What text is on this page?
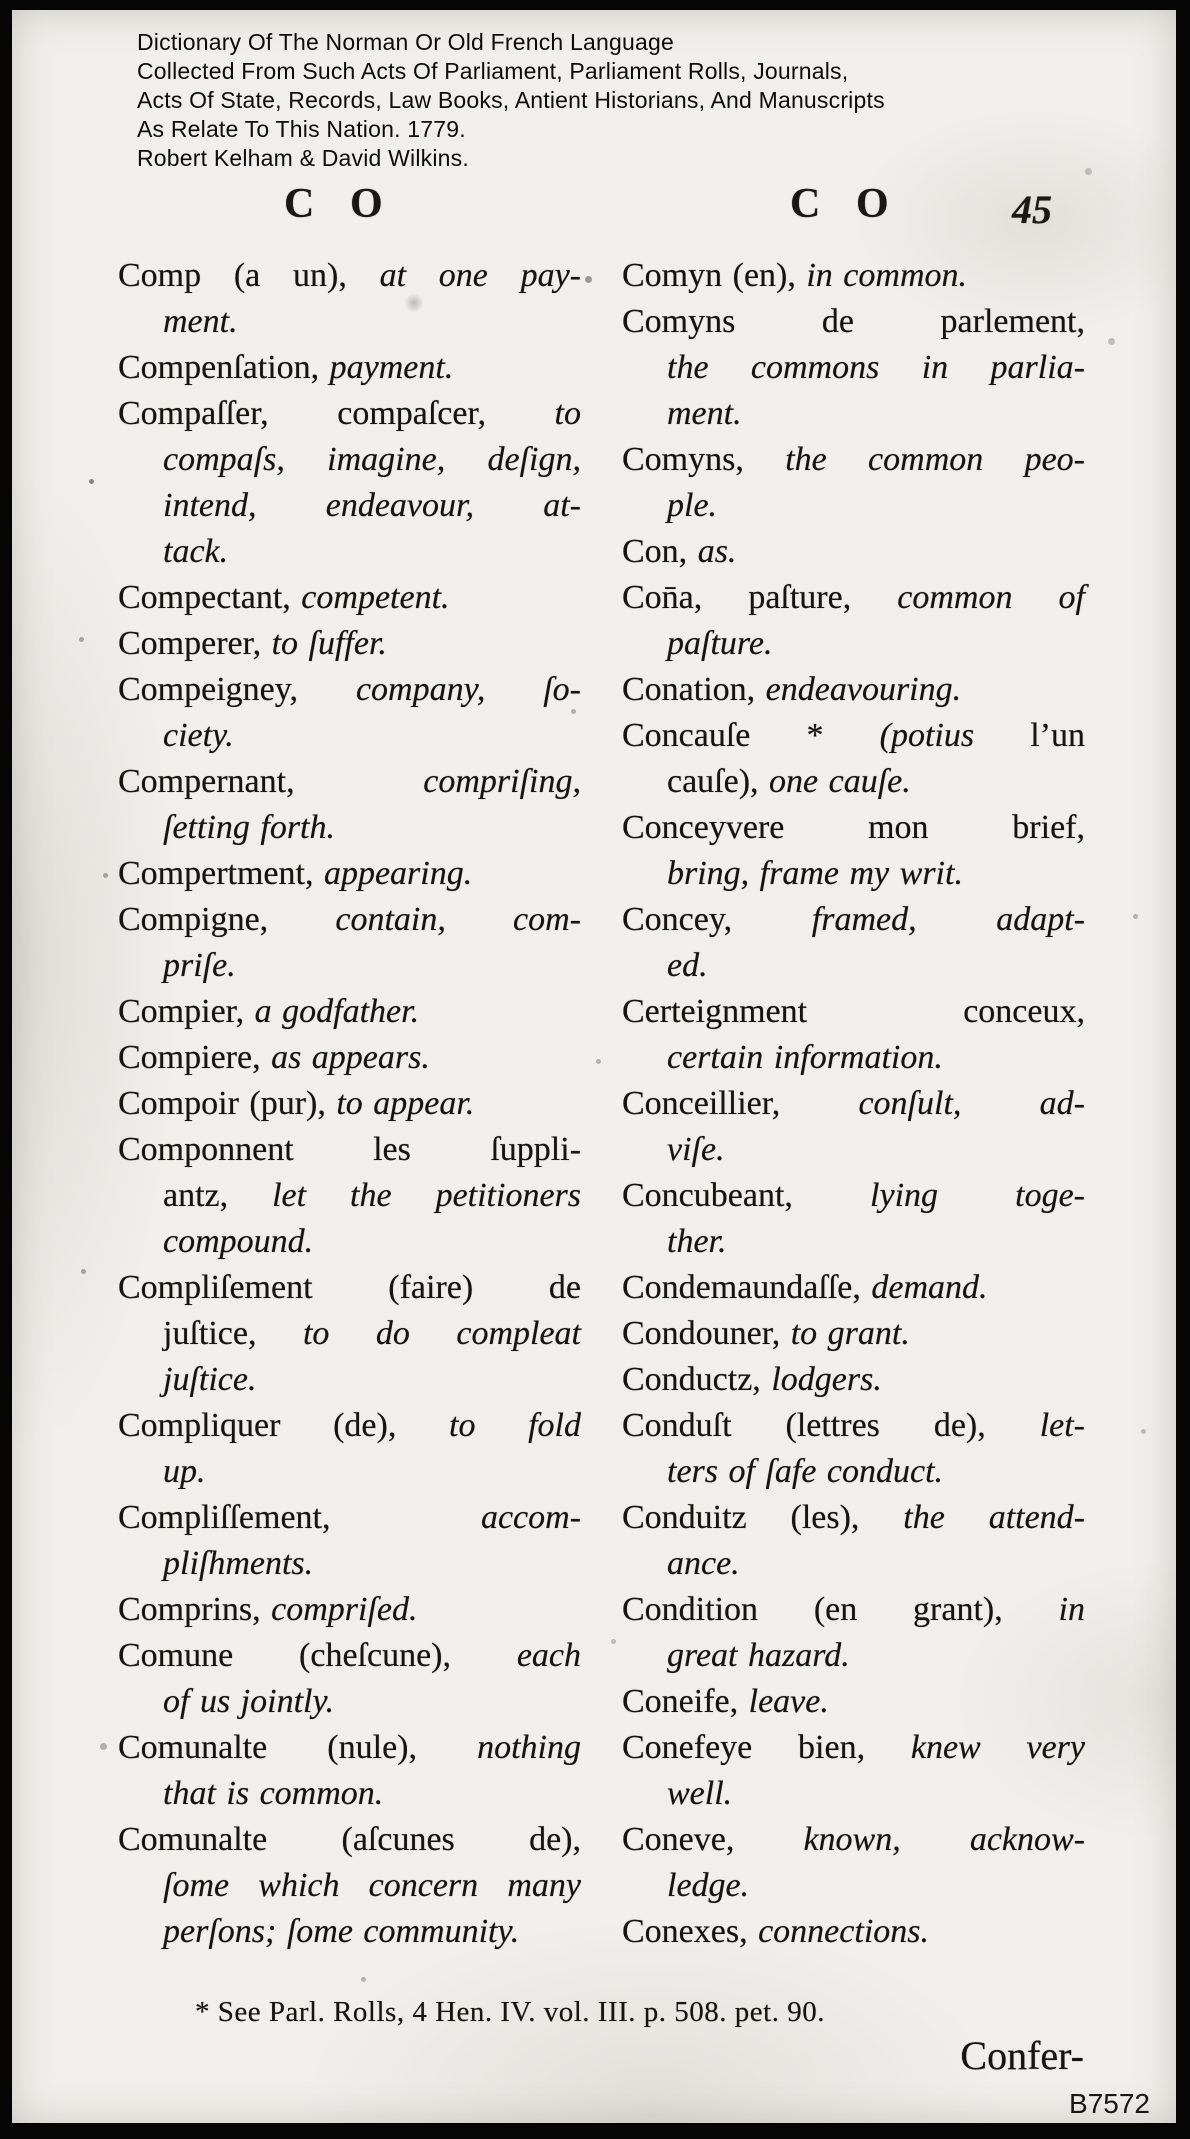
Dictionary Of The Norman Or Old French Language
Collected From Such Acts Of Parliament, Parliament Rolls, Journals,
Acts Of State, Records, Law Books, Antient Historians, And Manuscripts
As Relate To This Nation. 1779.
Robert Kelham & David Wilkins.
C O	C O	45
Comp (a un), at one pay-
ment.
Compenſation, payment.
Compaſſer, compaſcer, to
compaſs, imagine, deſign,
intend, endeavour, at-
tack.
Compectant, competent.
Comperer, to ſuffer.
Compeigney, company, ſo-
ciety.
Compernant, compriſing,
ſetting forth.
Compertment, appearing.
Compigne, contain, com-
priſe.
Compier, a godfather.
Compiere, as appears.
Compoir (pur), to appear.
Componnent les ſuppli-
antz, let the petitioners
compound.
Compliſement (faire) de
juſtice, to do compleat
juſtice.
Compliquer (de), to fold
up.
Compliſſement, accom-
pliſhments.
Comprins, compriſed.
Comune (cheſcune), each
of us jointly.
Comunalte (nule), nothing
that is common.
Comunalte (aſcunes de),
ſome which concern many
perſons; ſome community.
Comyn (en), in common.
Comyns de parlement,
the commons in parlia-
ment.
Comyns, the common peo-
ple.
Con, as.
Con̄a, paſture, common of
paſture.
Conation, endeavouring.
Concauſe * (potius l’un
cauſe), one cauſe.
Conceyvere mon brief,
bring, frame my writ.
Concey, framed, adapt-
ed.
Certeignment conceux,
certain information.
Conceillier, conſult, ad-
viſe.
Concubeant, lying toge-
ther.
Condemaundaſſe, demand.
Condouner, to grant.
Conductz, lodgers.
Conduſt (lettres de), let-
ters of ſafe conduct.
Conduitz (les), the attend-
ance.
Condition (en grant), in
great hazard.
Coneife, leave.
Conefeye bien, knew very
well.
Coneve, known, acknow-
ledge.
Conexes, connections.
* See Parl. Rolls, 4 Hen. IV. vol. III. p. 508. pet. 90.
Confer-
B7572
